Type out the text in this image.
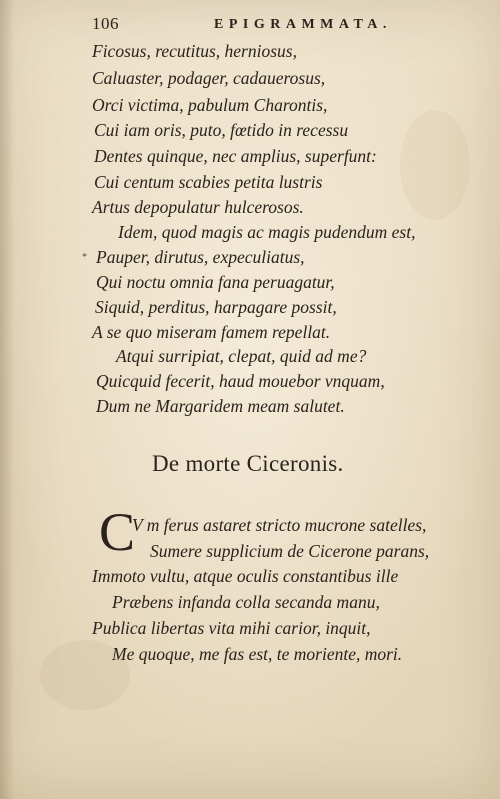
106	EPIGRAMMATA.
Ficosus, recutitus, herniosus,
Caluaster, podager, cadauerosus,
Orci victima, pabulum Charontis,
Cui iam oris, puto, fœtido in recessu
Dentes quinque, nec amplius, superfunt:
Cui centum scabies petita lustris
Artus depopulatur hulcerosos.
Idem, quod magis ac magis pudendum est,
* Pauper, dirutus, expeculiatus,
Qui noctu omnia fana peruagatur,
Siquid, perditus, harpagare possit,
A se quo miseram famem repellat.
Atqui surripiat, clepat, quid ad me?
Quicquid fecerit, haud mouebor vnquam,
Dum ne Margaridem meam salutet.
De morte Ciceronis.
C
V m ferus astaret stricto mucrone satelles,
Sumere supplicium de Cicerone parans,
Immoto vultu, atque oculis constantibus ille
Præbens infanda colla secanda manu,
Publica libertas vita mihi carior, inquit,
Me quoque, me fas est, te moriente, mori.
